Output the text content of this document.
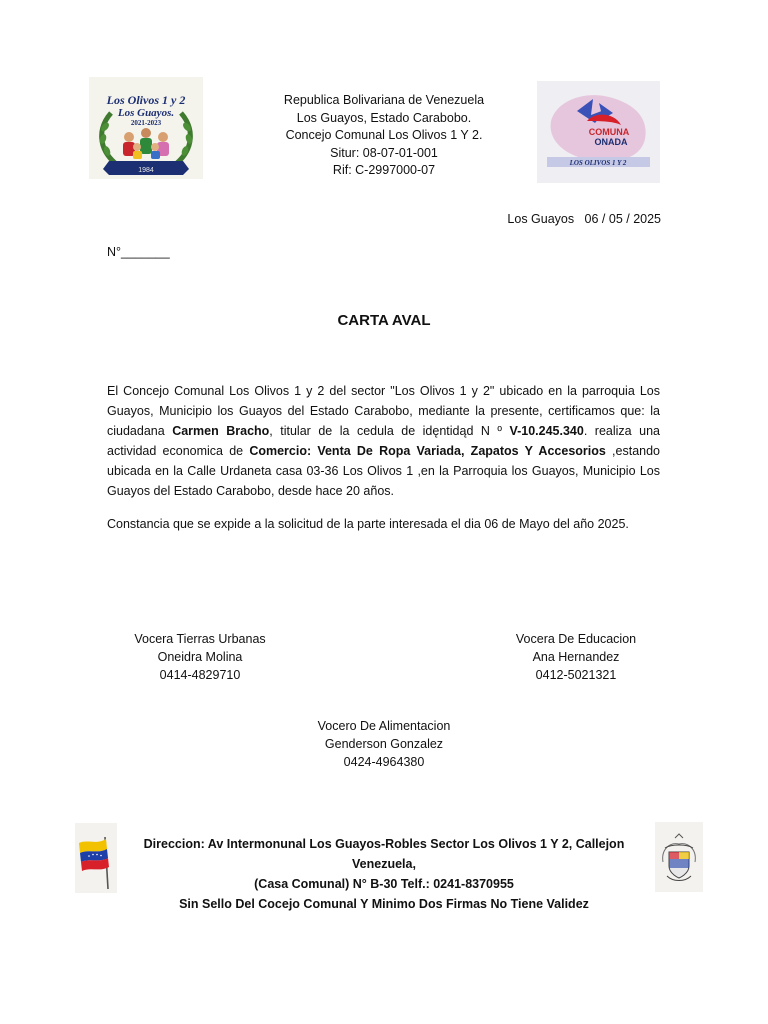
Los Olivos 1 y 2
Los Guayos.
2021-2023
1984
Republica Bolivariana de Venezuela
Los Guayos, Estado Carabobo.
Concejo Comunal Los Olivos 1 Y 2.
Situr: 08-07-01-001
Rif: C-2997000-07
COMUNA
ONADA
LOS OLIVOS 1 Y 2
Los Guayos   06 / 05 / 2025
N°_______
CARTA AVAL
El Concejo Comunal Los Olivos 1 y 2 del sector "Los Olivos 1 y 2" ubicado en la parroquia Los Guayos, Municipio los Guayos del Estado Carabobo, mediante la presente, certificamos que: la ciudadana Carmen Bracho, titular de la cedula de idęntidąd N º V-10.245.340. realiza una actividad economica de Comercio: Venta De Ropa Variada, Zapatos Y Accesorios ,estando ubicada en la Calle Urdaneta casa 03-36 Los Olivos 1 ,en la Parroquia los Guayos, Municipio Los Guayos del Estado Carabobo, desde hace 20 años.
Constancia que se expide a la solicitud de la parte interesada el dia 06 de Mayo del año 2025.
Vocera Tierras Urbanas
Oneidra Molina
0414-4829710
Vocera De Educacion
Ana Hernandez
0412-5021321
Vocero De Alimentacion
Genderson Gonzalez
0424-4964380
Direccion: Av Intermonunal Los Guayos-Robles Sector Los Olivos 1 Y 2, Callejon Venezuela,
(Casa Comunal) N° B-30 Telf.: 0241-8370955
Sin Sello Del Cocejo Comunal Y Minimo Dos Firmas No Tiene Validez
